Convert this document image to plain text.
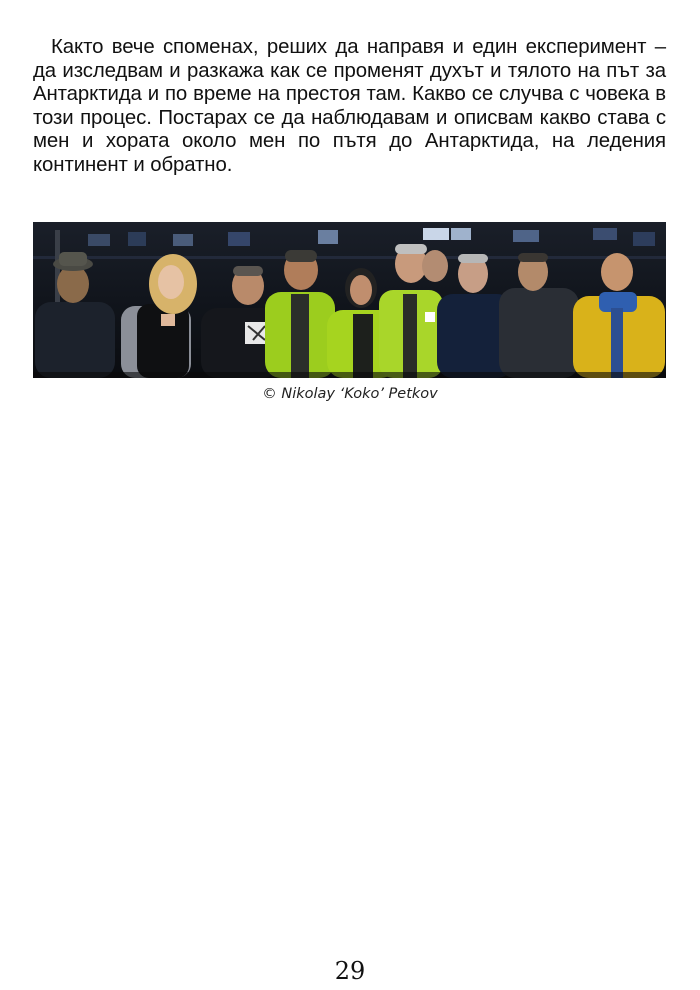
Както вече споменах, реших да направя и един експеримент – да изследвам и разкажа как се променят духът и тялото на път за Антарктида и по време на престоя там. Какво се случва с човека в този процес. Постарах се да наблюдавам и описвам какво става с мен и хората около мен по пътя до Антарктида, на ледения континент и обратно.

© Nikolay ‘Koko’ Petkov
29
